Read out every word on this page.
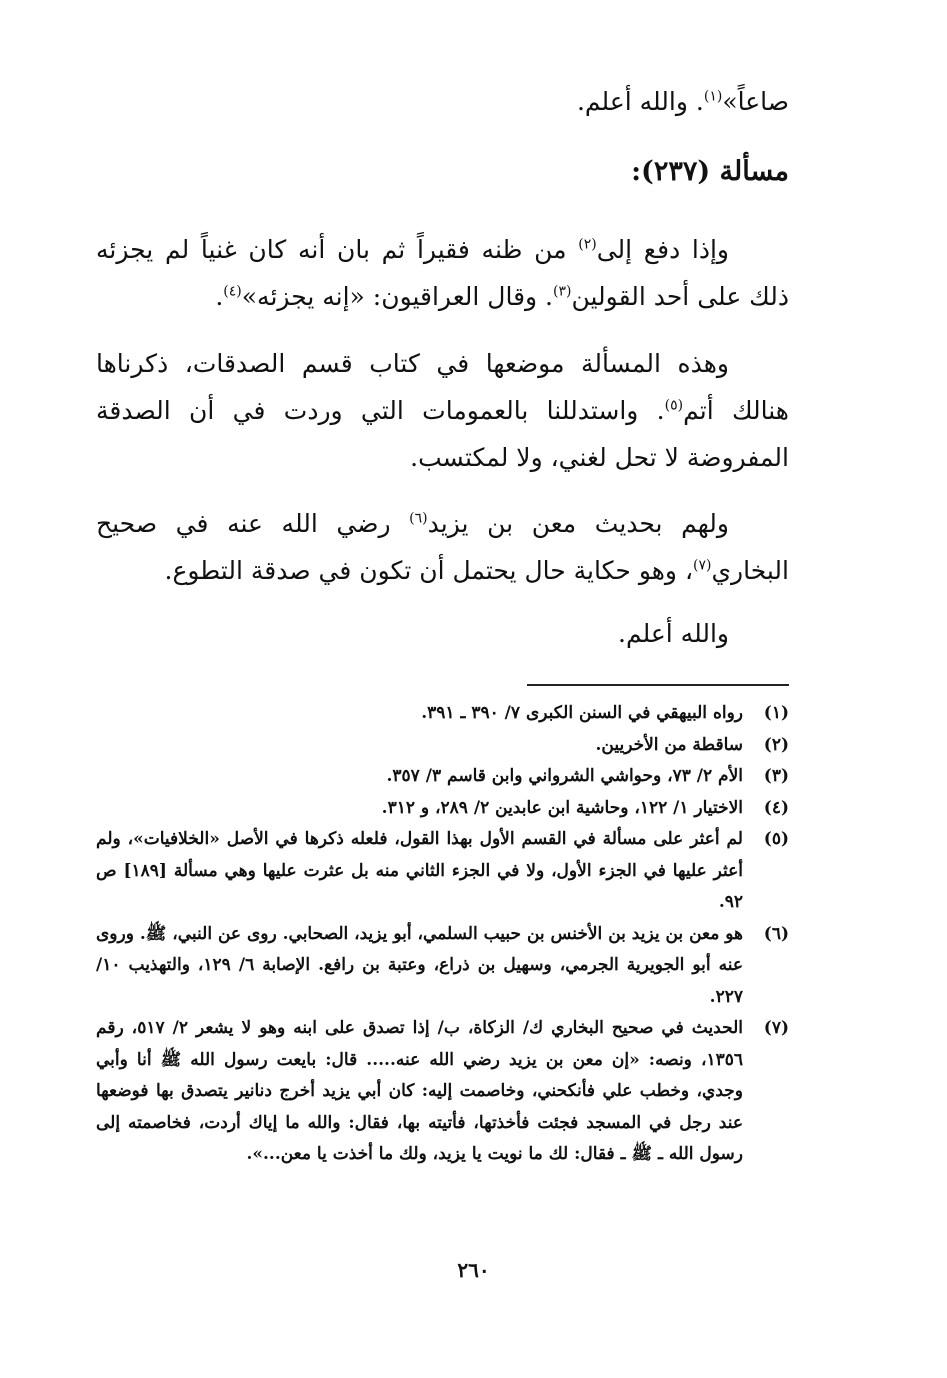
صاعاً»$^{(١)}$. والله أعلم.

مسألة (٢٣٧):

وإذا دفع إلى$^{(٢)}$ من ظنه فقيراً ثم بان أنه كان غنياً لم يجزئه ذلك على أحد القولين$^{(٣)}$. وقال العراقيون: «إنه يجزئه»$^{(٤)}$.

وهذه المسألة موضعها في كتاب قسم الصدقات، ذكرناها هنالك أتم$^{(٥)}$. واستدللنا بالعمومات التي وردت في أن الصدقة المفروضة لا تحل لغني، ولا لمكتسب.

ولهم بحديث معن بن يزيد$^{(٦)}$ رضي الله عنه في صحيح البخاري$^{(٧)}$، وهو حكاية حال يحتمل أن تكون في صدقة التطوع.

والله أعلم.

(١)
رواه البيهقي في السنن الكبرى ٧/ ٣٩٠ ـ ٣٩١.
(٢)
ساقطة من الأخريين.
(٣)
الأم ٢/ ٧٣، وحواشي الشرواني وابن قاسم ٣/ ٣٥٧.
(٤)
الاختيار ١/ ١٢٢، وحاشية ابن عابدين ٢/ ٢٨٩، و ٣١٢.
(٥)
لم أعثر على مسألة في القسم الأول بهذا القول، فلعله ذكرها في الأصل «الخلافيات»، ولم أعثر عليها في الجزء الأول، ولا في الجزء الثاني منه بل عثرت عليها وهي مسألة [١٨٩] ص ٩٢.
(٦)
هو معن بن يزيد بن الأخنس بن حبيب السلمي، أبو يزيد، الصحابي. روى عن النبي، ﷺ. وروى عنه أبو الجويرية الجرمي، وسهيل بن ذراع، وعتبة بن رافع. الإصابة ٦/ ١٢٩، والتهذيب ١٠/ ٢٢٧.
(٧)
الحديث في صحيح البخاري ك/ الزكاة، ب/ إذا تصدق على ابنه وهو لا يشعر ٢/ ٥١٧، رقم ١٣٥٦، ونصه: «إن معن بن يزيد رضي الله عنه..... قال: بايعت رسول الله ﷺ أنا وأبي وجدي، وخطب علي فأنكحني، وخاصمت إليه: كان أبي يزيد أخرج دنانير يتصدق بها فوضعها عند رجل في المسجد فجئت فأخذتها، فأتيته بها، فقال: والله ما إياك أردت، فخاصمته إلى رسول الله ـ ﷺ ـ فقال: لك ما نويت يا يزيد، ولك ما أخذت يا معن...».
٢٦٠
